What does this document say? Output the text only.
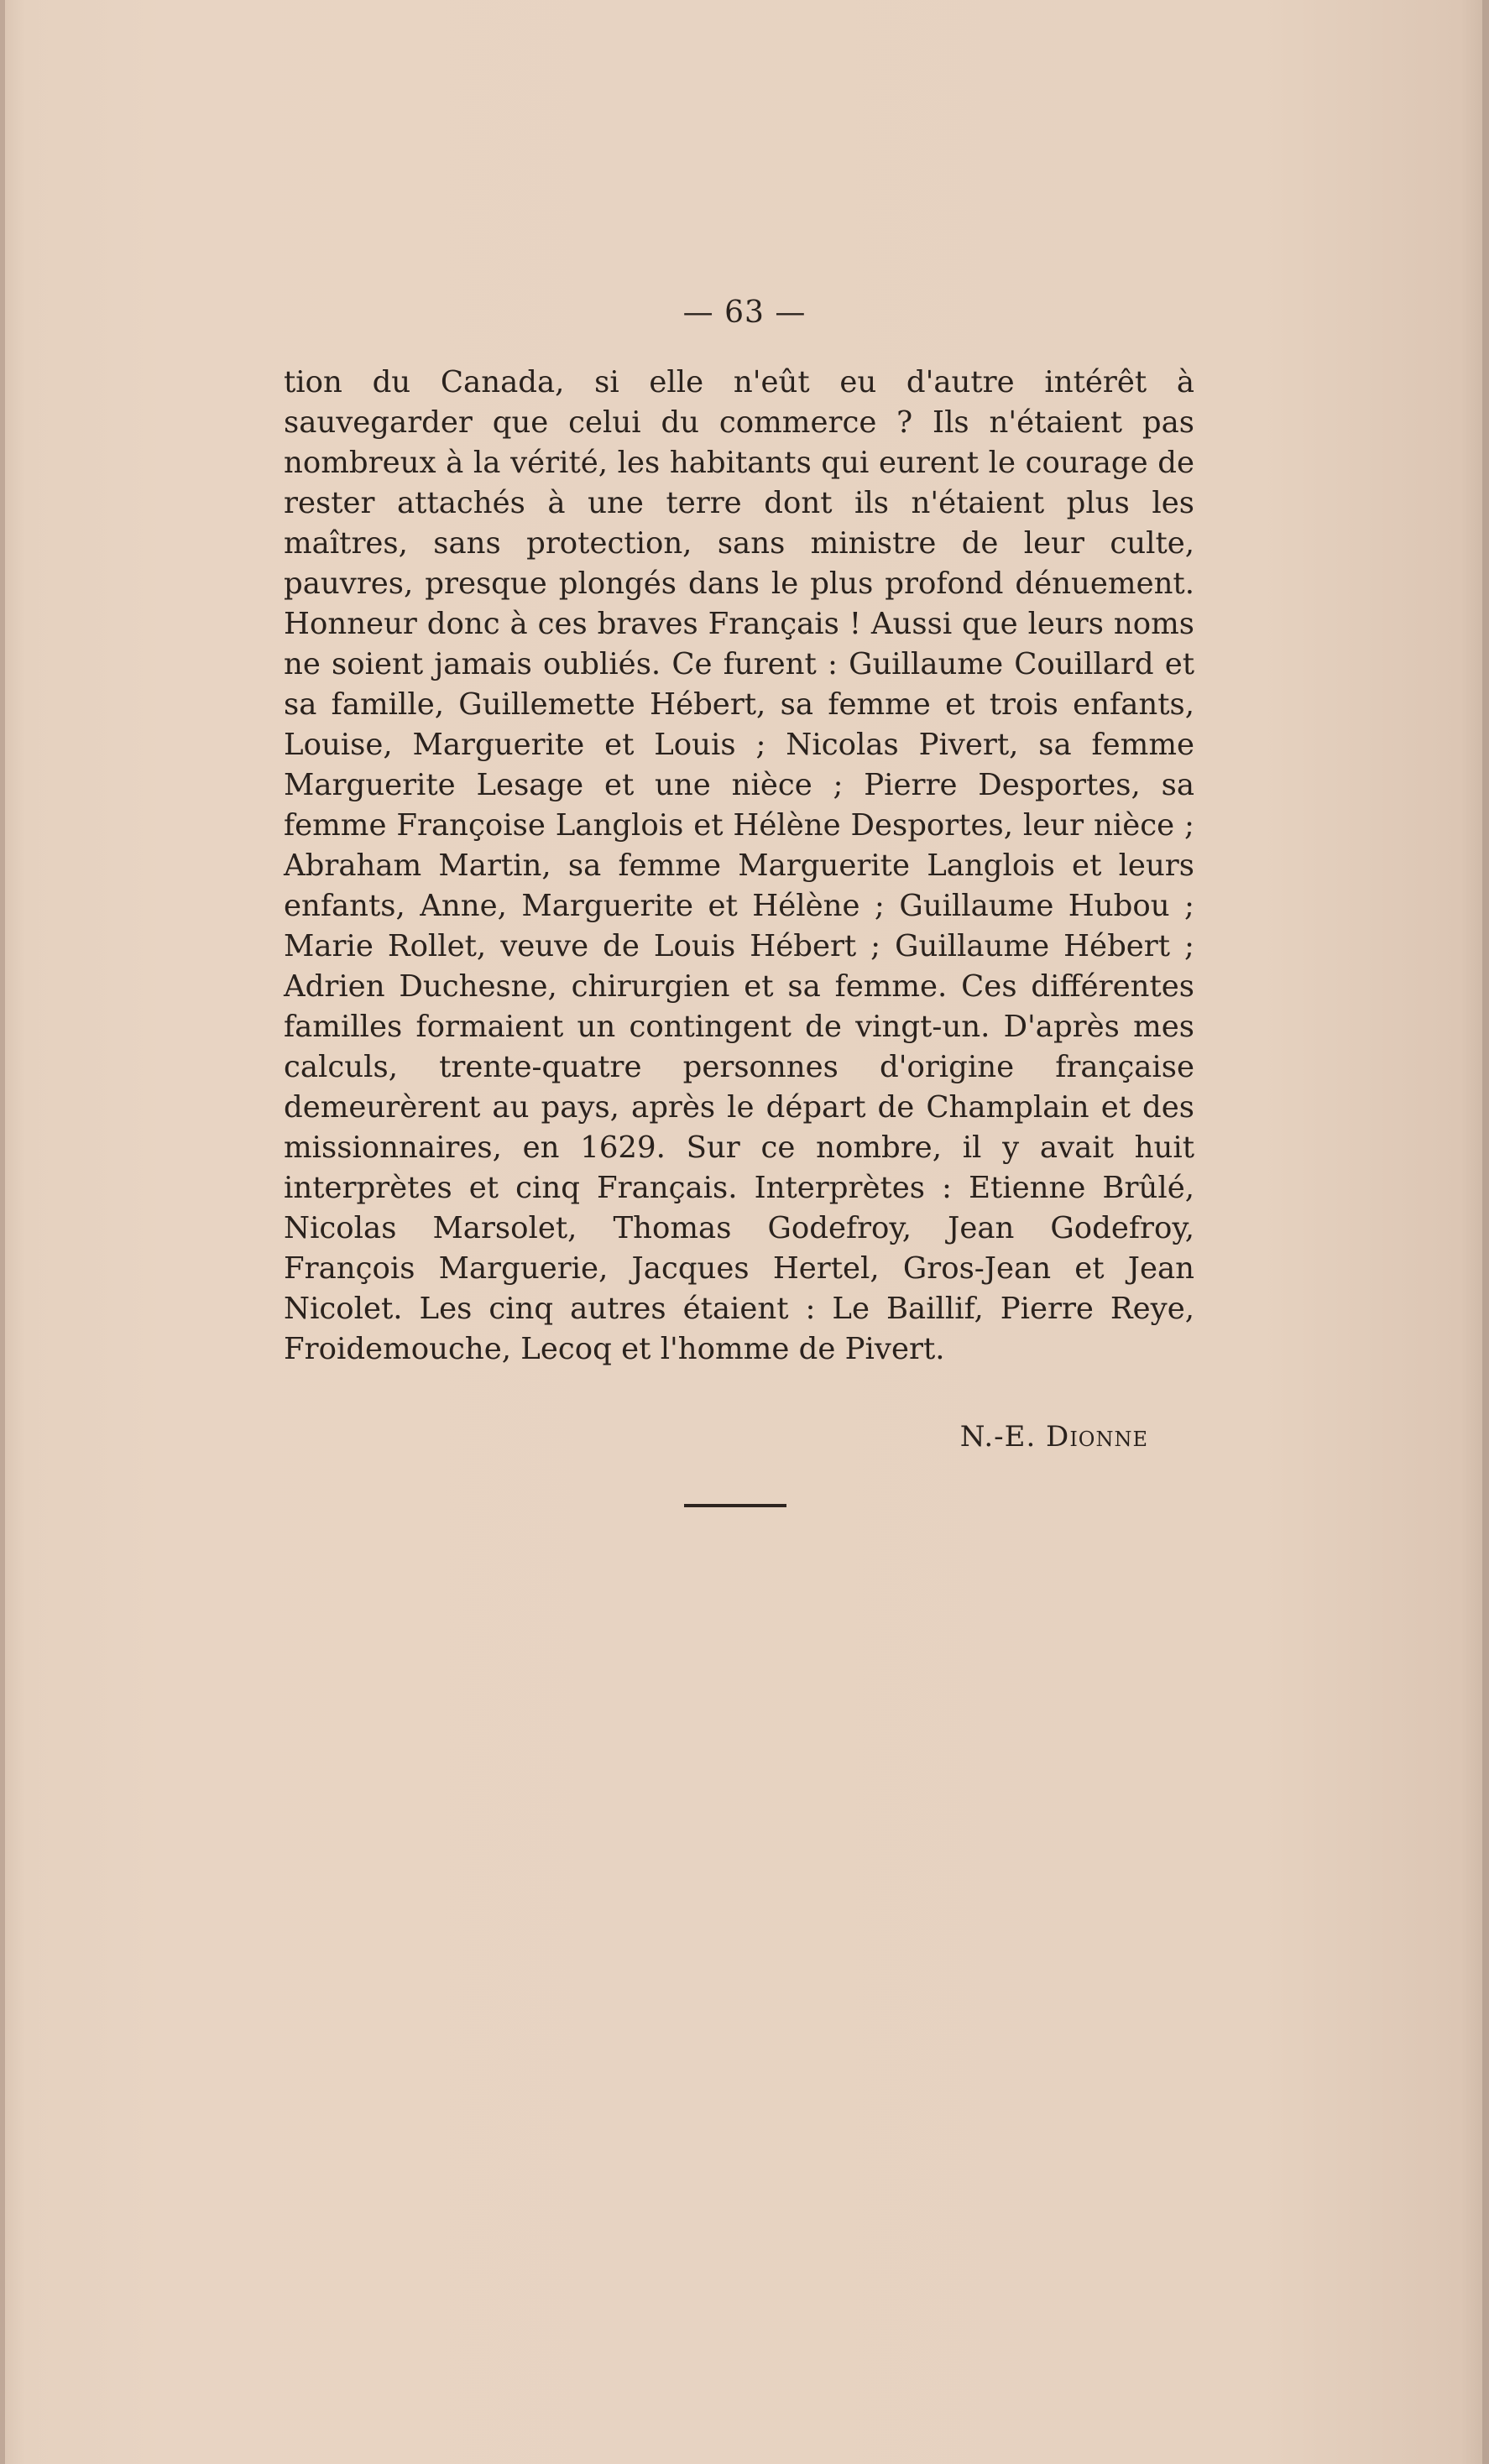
— 63 —

tion du Canada, si elle n'eût eu d'autre intérêt à sauvegarder que celui du commerce ? Ils n'étaient pas nombreux à la vérité, les habitants qui eurent le courage de rester attachés à une terre dont ils n'étaient plus les maîtres, sans protection, sans ministre de leur culte, pauvres, presque plongés dans le plus profond dénuement. Honneur donc à ces braves Français ! Aussi que leurs noms ne soient jamais oubliés. Ce furent : Guillaume Couillard et sa famille, Guillemette Hébert, sa femme et trois enfants, Louise, Marguerite et Louis ; Nicolas Pivert, sa femme Marguerite Lesage et une nièce ; Pierre Desportes, sa femme Françoise Langlois et Hélène Desportes, leur nièce ; Abraham Martin, sa femme Marguerite Langlois et leurs enfants, Anne, Marguerite et Hélène ; Guillaume Hubou ; Marie Rollet, veuve de Louis Hébert ; Guillaume Hébert ; Adrien Duchesne, chirurgien et sa femme. Ces différentes familles formaient un contingent de vingt-un. D'après mes calculs, trente-quatre personnes d'origine française demeurèrent au pays, après le départ de Champlain et des missionnaires, en 1629. Sur ce nombre, il y avait huit interprètes et cinq Français. Interprètes : Etienne Brûlé, Nicolas Marsolet, Thomas Godefroy, Jean Godefroy, François Marguerie, Jacques Hertel, Gros-Jean et Jean Nicolet. Les cinq autres étaient : Le Baillif, Pierre Reye, Froidemouche, Lecoq et l'homme de Pivert.

N.-E. Dionne
